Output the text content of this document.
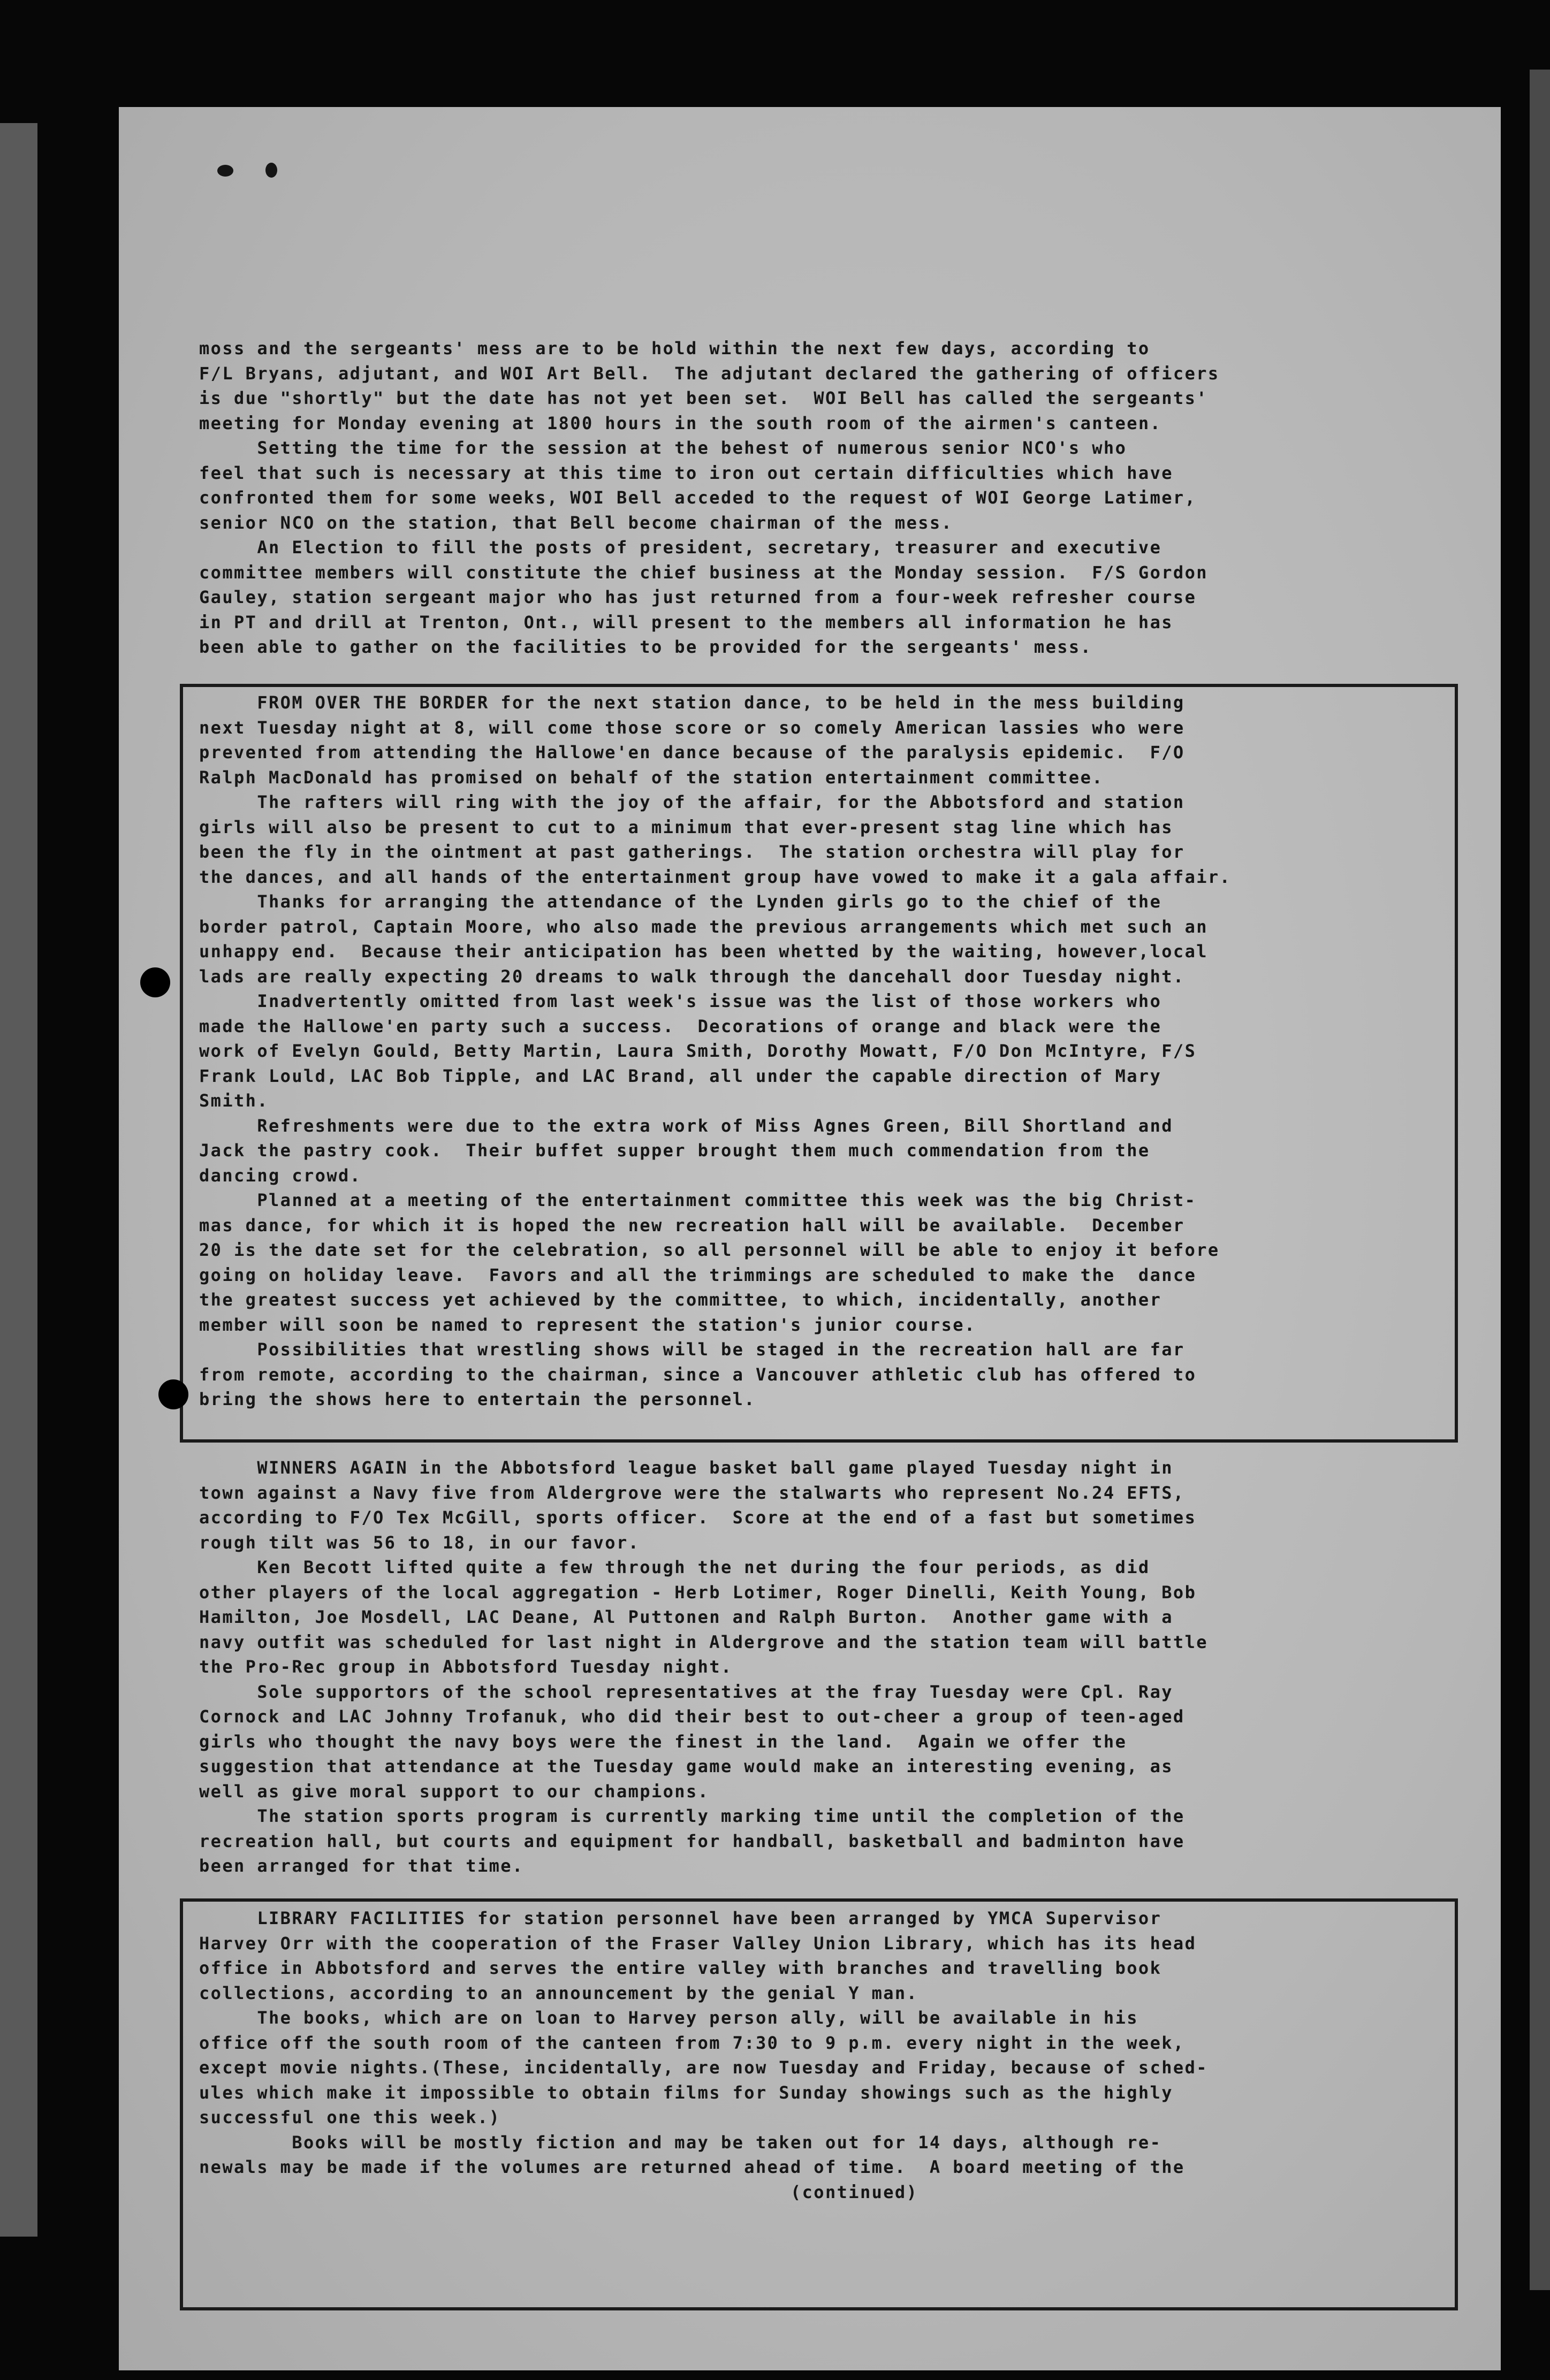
moss and the sergeants' mess are to be hold within the next few days, according to
F/L Bryans, adjutant, and WOI Art Bell.  The adjutant declared the gathering of officers
is due "shortly" but the date has not yet been set.  WOI Bell has called the sergeants'
meeting for Monday evening at 1800 hours in the south room of the airmen's canteen.
Setting the time for the session at the behest of numerous senior NCO's who
feel that such is necessary at this time to iron out certain difficulties which have
confronted them for some weeks, WOI Bell acceded to the request of WOI George Latimer,
senior NCO on the station, that Bell become chairman of the mess.
An Election to fill the posts of president, secretary, treasurer and executive
committee members will constitute the chief business at the Monday session.  F/S Gordon
Gauley, station sergeant major who has just returned from a four-week refresher course
in PT and drill at Trenton, Ont., will present to the members all information he has
been able to gather on the facilities to be provided for the sergeants' mess.
FROM OVER THE BORDER for the next station dance, to be held in the mess building
next Tuesday night at 8, will come those score or so comely American lassies who were
prevented from attending the Hallowe'en dance because of the paralysis epidemic.  F/O
Ralph MacDonald has promised on behalf of the station entertainment committee.
The rafters will ring with the joy of the affair, for the Abbotsford and station
girls will also be present to cut to a minimum that ever-present stag line which has
been the fly in the ointment at past gatherings.  The station orchestra will play for
the dances, and all hands of the entertainment group have vowed to make it a gala affair.
Thanks for arranging the attendance of the Lynden girls go to the chief of the
border patrol, Captain Moore, who also made the previous arrangements which met such an
unhappy end.  Because their anticipation has been whetted by the waiting, however,local
lads are really expecting 20 dreams to walk through the dancehall door Tuesday night.
Inadvertently omitted from last week's issue was the list of those workers who
made the Hallowe'en party such a success.  Decorations of orange and black were the
work of Evelyn Gould, Betty Martin, Laura Smith, Dorothy Mowatt, F/O Don McIntyre, F/S
Frank Lould, LAC Bob Tipple, and LAC Brand, all under the capable direction of Mary
Smith.
Refreshments were due to the extra work of Miss Agnes Green, Bill Shortland and
Jack the pastry cook.  Their buffet supper brought them much commendation from the
dancing crowd.
Planned at a meeting of the entertainment committee this week was the big Christ-
mas dance, for which it is hoped the new recreation hall will be available.  December
20 is the date set for the celebration, so all personnel will be able to enjoy it before
going on holiday leave.  Favors and all the trimmings are scheduled to make the  dance
the greatest success yet achieved by the committee, to which, incidentally, another
member will soon be named to represent the station's junior course.
Possibilities that wrestling shows will be staged in the recreation hall are far
from remote, according to the chairman, since a Vancouver athletic club has offered to
bring the shows here to entertain the personnel.
WINNERS AGAIN in the Abbotsford league basket ball game played Tuesday night in
town against a Navy five from Aldergrove were the stalwarts who represent No.24 EFTS,
according to F/O Tex McGill, sports officer.  Score at the end of a fast but sometimes
rough tilt was 56 to 18, in our favor.
Ken Becott lifted quite a few through the net during the four periods, as did
other players of the local aggregation - Herb Lotimer, Roger Dinelli, Keith Young, Bob
Hamilton, Joe Mosdell, LAC Deane, Al Puttonen and Ralph Burton.  Another game with a
navy outfit was scheduled for last night in Aldergrove and the station team will battle
the Pro-Rec group in Abbotsford Tuesday night.
Sole supportors of the school representatives at the fray Tuesday were Cpl. Ray
Cornock and LAC Johnny Trofanuk, who did their best to out-cheer a group of teen-aged
girls who thought the navy boys were the finest in the land.  Again we offer the
suggestion that attendance at the Tuesday game would make an interesting evening, as
well as give moral support to our champions.
The station sports program is currently marking time until the completion of the
recreation hall, but courts and equipment for handball, basketball and badminton have
been arranged for that time.
LIBRARY FACILITIES for station personnel have been arranged by YMCA Supervisor
Harvey Orr with the cooperation of the Fraser Valley Union Library, which has its head
office in Abbotsford and serves the entire valley with branches and travelling book
collections, according to an announcement by the genial Y man.
The books, which are on loan to Harvey person ally, will be available in his
office off the south room of the canteen from 7:30 to 9 p.m. every night in the week,
except movie nights.(These, incidentally, are now Tuesday and Friday, because of sched-
ules which make it impossible to obtain films for Sunday showings such as the highly
successful one this week.)
Books will be mostly fiction and may be taken out for 14 days, although re-
newals may be made if the volumes are returned ahead of time.  A board meeting of the
(continued)
